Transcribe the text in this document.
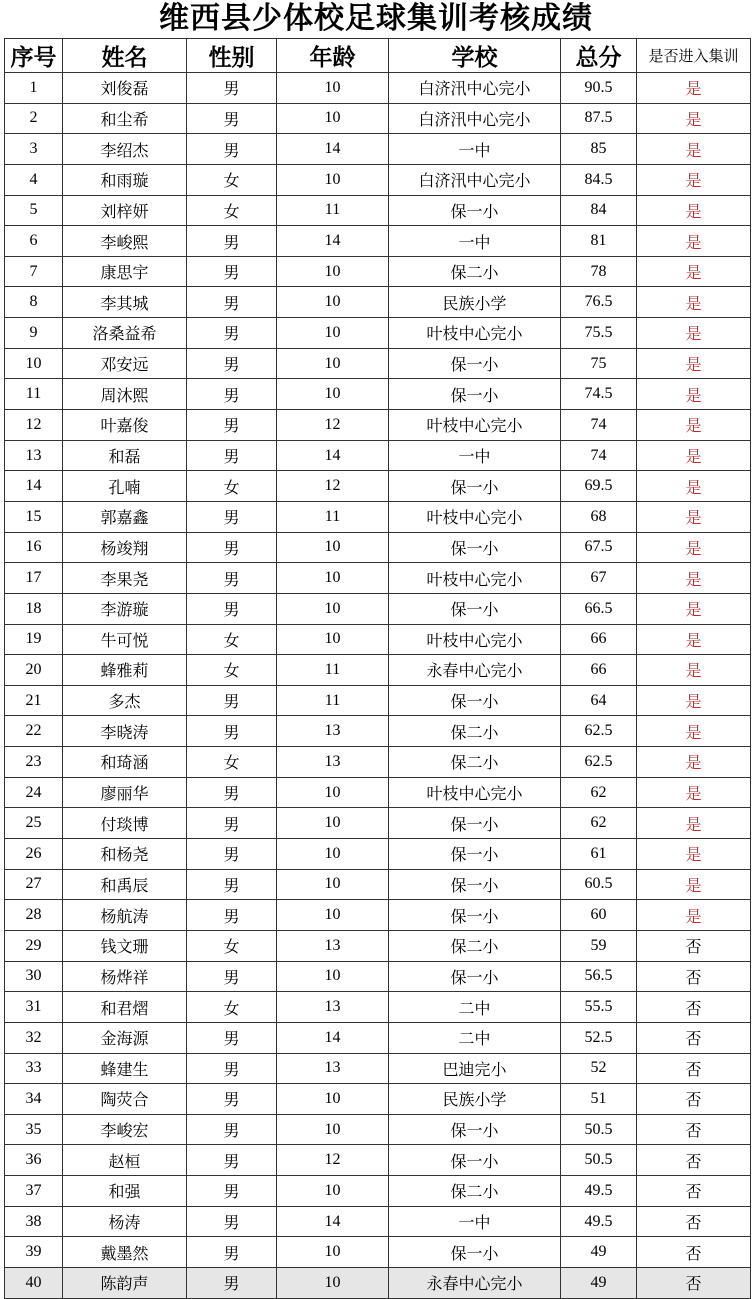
维西县少体校足球集训考核成绩
序号	姓名	性别	年龄	学校	总分	是否进入集训
1	刘俊磊	男	10	白济汛中心完小	90.5	是
2	和尘希	男	10	白济汛中心完小	87.5	是
3	李绍杰	男	14	一中	85	是
4	和雨璇	女	10	白济汛中心完小	84.5	是
5	刘梓妍	女	11	保一小	84	是
6	李峻熙	男	14	一中	81	是
7	康思宇	男	10	保二小	78	是
8	李其城	男	10	民族小学	76.5	是
9	洛桑益希	男	10	叶枝中心完小	75.5	是
10	邓安远	男	10	保一小	75	是
11	周沐熙	男	10	保一小	74.5	是
12	叶嘉俊	男	12	叶枝中心完小	74	是
13	和磊	男	14	一中	74	是
14	孔喃	女	12	保一小	69.5	是
15	郭嘉鑫	男	11	叶枝中心完小	68	是
16	杨竣翔	男	10	保一小	67.5	是
17	李果尧	男	10	叶枝中心完小	67	是
18	李游璇	男	10	保一小	66.5	是
19	牛可悦	女	10	叶枝中心完小	66	是
20	蜂雅莉	女	11	永春中心完小	66	是
21	多杰	男	11	保一小	64	是
22	李晓涛	男	13	保二小	62.5	是
23	和琦涵	女	13	保二小	62.5	是
24	廖丽华	男	10	叶枝中心完小	62	是
25	付琰博	男	10	保一小	62	是
26	和杨尧	男	10	保一小	61	是
27	和禹辰	男	10	保一小	60.5	是
28	杨航涛	男	10	保一小	60	是
29	钱文珊	女	13	保二小	59	否
30	杨烨祥	男	10	保一小	56.5	否
31	和君熠	女	13	二中	55.5	否
32	金海源	男	14	二中	52.5	否
33	蜂建生	男	13	巴迪完小	52	否
34	陶荧合	男	10	民族小学	51	否
35	李峻宏	男	10	保一小	50.5	否
36	赵桓	男	12	保一小	50.5	否
37	和强	男	10	保二小	49.5	否
38	杨涛	男	14	一中	49.5	否
39	戴墨然	男	10	保一小	49	否
40	陈韵声	男	10	永春中心完小	49	否
